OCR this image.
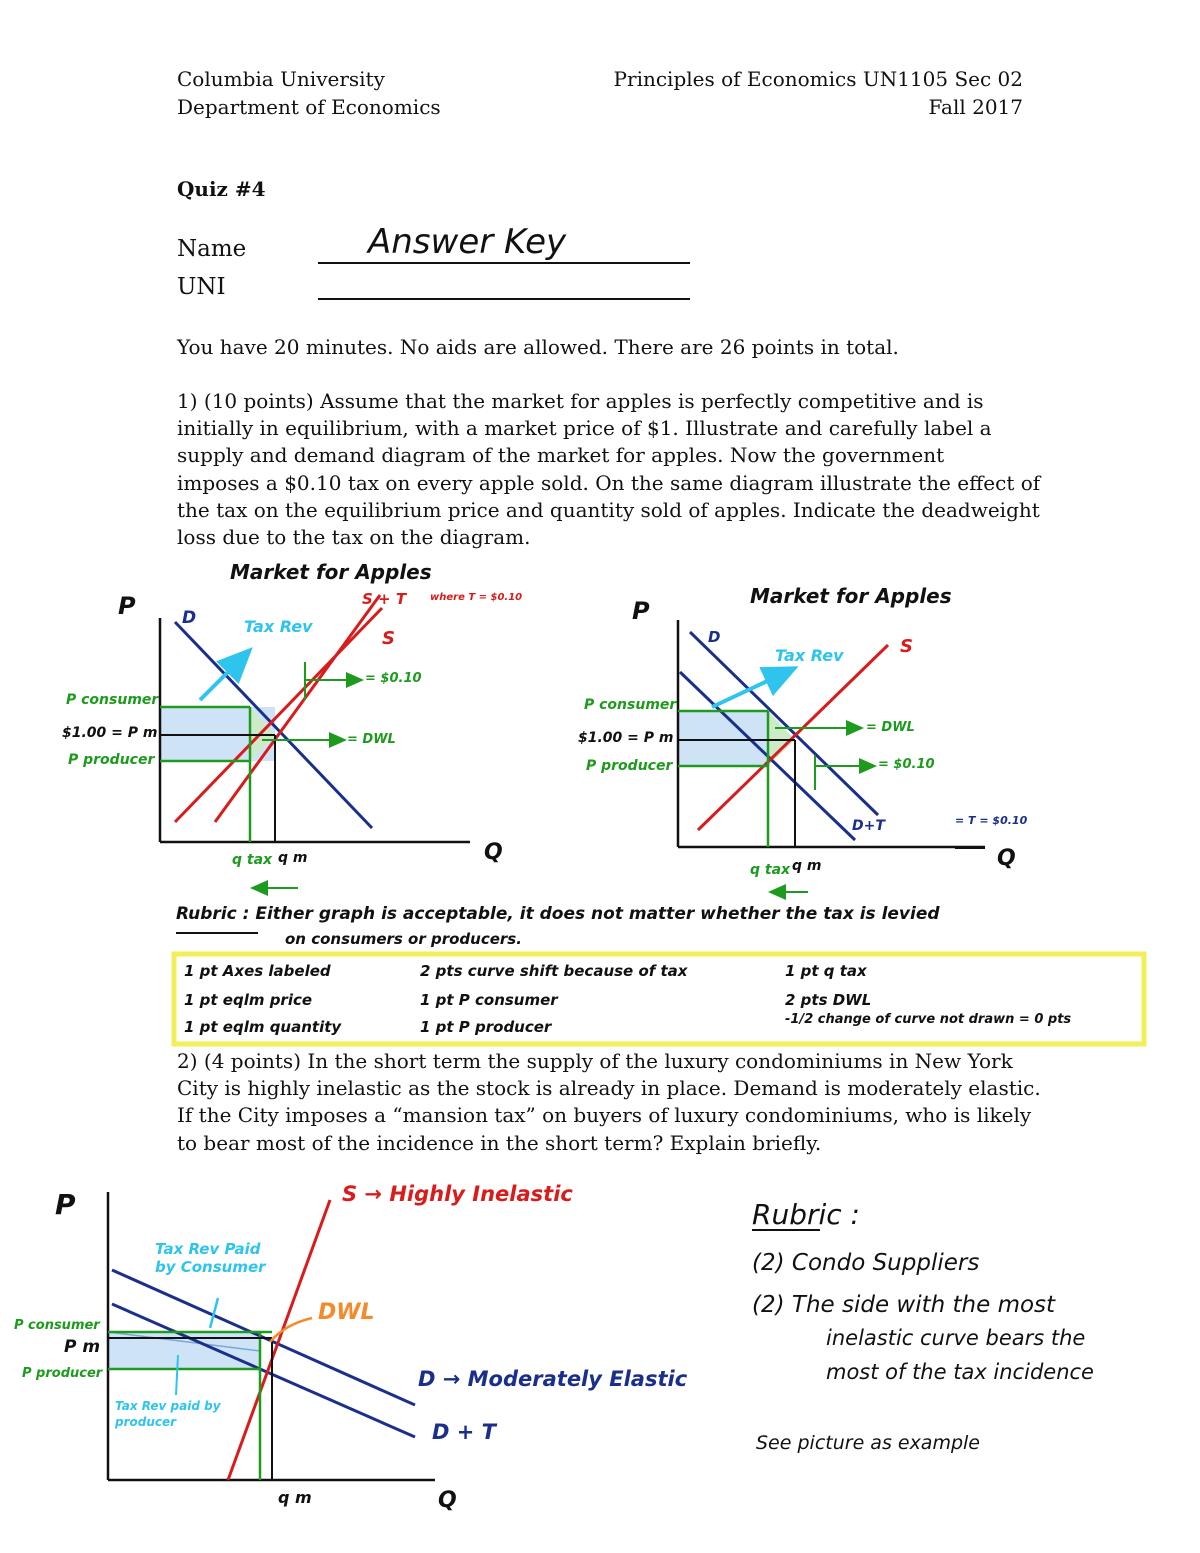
Columbia University
Department of Economics
Principles of Economics UN1105 Sec 02
Fall 2017
Quiz #4
Name	Answer Key
UNI
You have 20 minutes. No aids are allowed. There are 26 points in total.
1) (10 points) Assume that the market for apples is perfectly competitive and is
initially in equilibrium, with a market price of $1. Illustrate and carefully label a
supply and demand diagram of the market for apples. Now the government
imposes a $0.10 tax on every apple sold. On the same diagram illustrate the effect of
the tax on the equilibrium price and quantity sold of apples. Indicate the deadweight
loss due to the tax on the diagram.
Market for Apples
P
Q
D
S
S + T where T = $0.10
Tax Rev
= $0.10
= DWL
P consumer
$1.00 = P m
P producer
q tax q m
Market for Apples
P
Q
D	S
D+T	= T = $0.10
Tax Rev
= DWL
= $0.10
P consumer
$1.00 = P m
P producer
q tax q m
Rubric : Either graph is acceptable, it does not matter whether the tax is levied
on consumers or producers.
1 pt Axes labeled	2 pts curve shift because of tax	1 pt q tax
1 pt eqlm price	1 pt P consumer	2 pts DWL
1 pt eqlm quantity	1 pt P producer	-1/2 change of curve not drawn = 0 pts
2) (4 points) In the short term the supply of the luxury condominiums in New York
City is highly inelastic as the stock is already in place. Demand is moderately elastic.
If the City imposes a “mansion tax” on buyers of luxury condominiums, who is likely
to bear most of the incidence in the short term? Explain briefly.
P
Q
S → Highly Inelastic
D → Moderately Elastic
D + T
DWL
Tax Rev Paid by Consumer
Tax Rev paid by producer
P consumer
P m
P producer
q m
Rubric :
(2) Condo Suppliers
(2) The side with the most
inelastic curve bears the
most of the tax incidence
See picture as example
